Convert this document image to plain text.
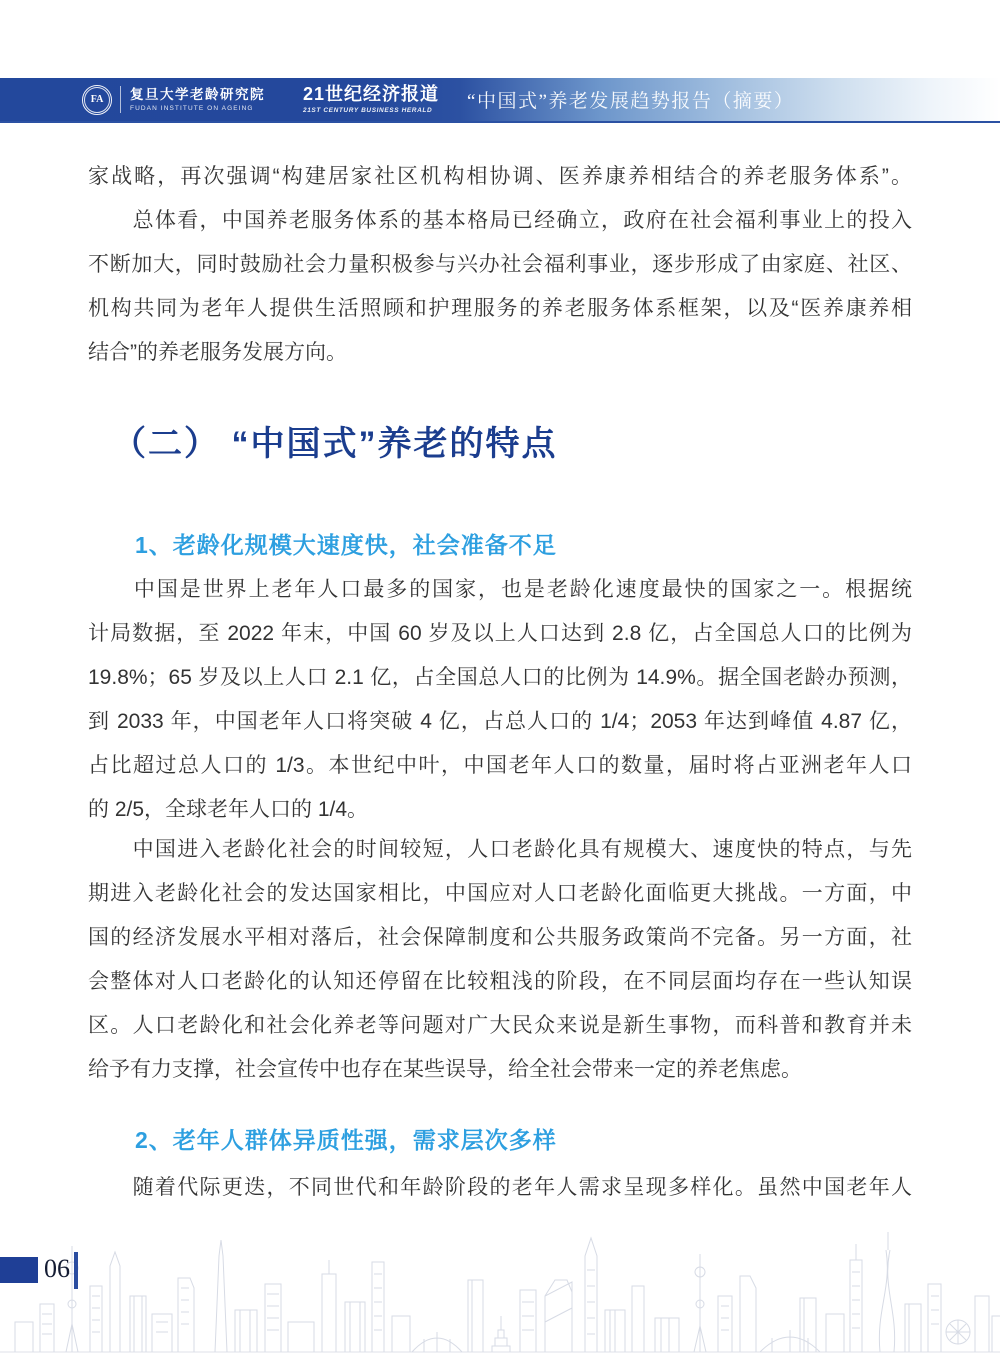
FA	复旦大学老龄研究院
FUDAN INSTITUTE ON AGEING
21世纪经济报道
21ST CENTURY BUSINESS HERALD	“中国式”养老发展趋势报告（摘要）
家战略，再次强调“构建居家社区机构相协调、医养康养相结合的养老服务体系”。
　　总体看，中国养老服务体系的基本格局已经确立，政府在社会福利事业上的投入
不断加大，同时鼓励社会力量积极参与兴办社会福利事业，逐步形成了由家庭、社区、
机构共同为老年人提供生活照顾和护理服务的养老服务体系框架，以及“医养康养相
结合”的养老服务发展方向。
（二） “中国式”养老的特点
1、老龄化规模大速度快，社会准备不足
　　中国是世界上老年人口最多的国家，也是老龄化速度最快的国家之一。根据统
计局数据，至 2022 年末，中国 60 岁及以上人口达到 2.8 亿，占全国总人口的比例为
19.8%；65 岁及以上人口 2.1 亿，占全国总人口的比例为 14.9%。据全国老龄办预测，
到 2033 年，中国老年人口将突破 4 亿，占总人口的 1/4；2053 年达到峰值 4.87 亿，
占比超过总人口的 1/3。本世纪中叶，中国老年人口的数量，届时将占亚洲老年人口
的 2/5，全球老年人口的 1/4。
　　中国进入老龄化社会的时间较短，人口老龄化具有规模大、速度快的特点，与先
期进入老龄化社会的发达国家相比，中国应对人口老龄化面临更大挑战。一方面，中
国的经济发展水平相对落后，社会保障制度和公共服务政策尚不完备。另一方面，社
会整体对人口老龄化的认知还停留在比较粗浅的阶段，在不同层面均存在一些认知误
区。人口老龄化和社会化养老等问题对广大民众来说是新生事物，而科普和教育并未
给予有力支撑，社会宣传中也存在某些误导，给全社会带来一定的养老焦虑。
2、老年人群体异质性强，需求层次多样
　　随着代际更迭，不同世代和年龄阶段的老年人需求呈现多样化。虽然中国老年人
06
